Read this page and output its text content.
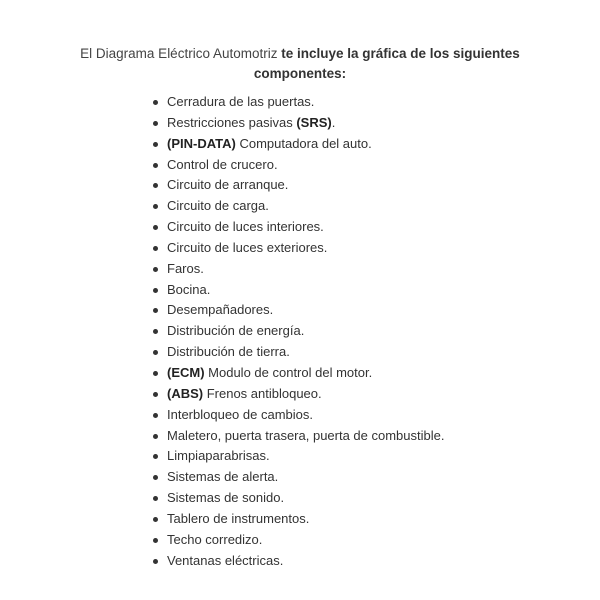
El Diagrama Eléctrico Automotriz te incluye la gráfica de los siguientes componentes:
Cerradura de las puertas.
Restricciones pasivas (SRS).
(PIN-DATA) Computadora del auto.
Control de crucero.
Circuito de arranque.
Circuito de carga.
Circuito de luces interiores.
Circuito de luces exteriores.
Faros.
Bocina.
Desempañadores.
Distribución de energía.
Distribución de tierra.
(ECM) Modulo de control del motor.
(ABS) Frenos antibloqueo.
Interbloqueo de cambios.
Maletero, puerta trasera, puerta de combustible.
Limpiaparabrisas.
Sistemas de alerta.
Sistemas de sonido.
Tablero de instrumentos.
Techo corredizo.
Ventanas eléctricas.
